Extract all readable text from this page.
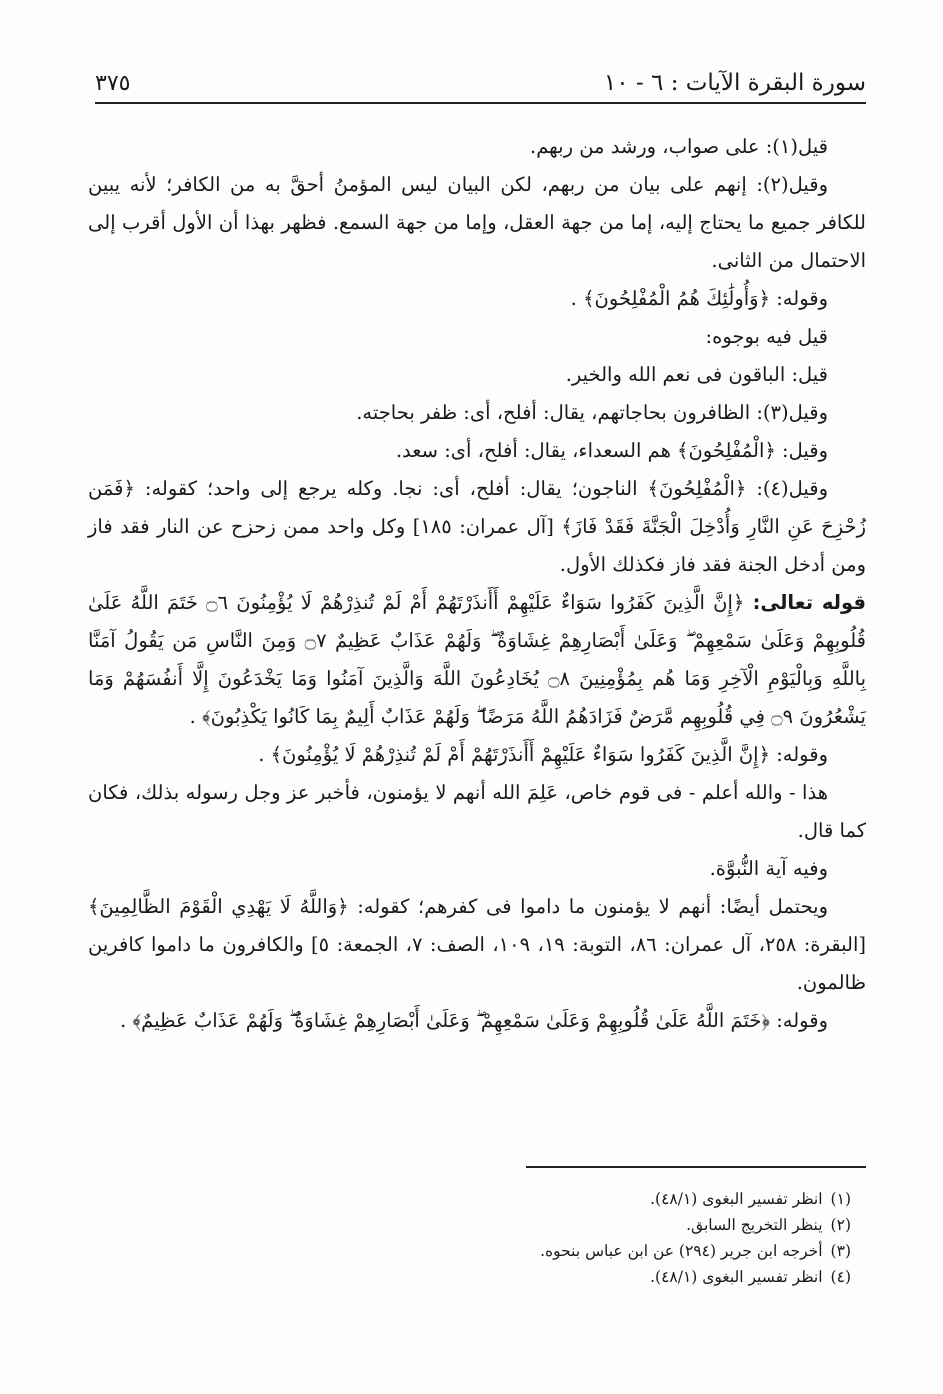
٣٧٥	سورة البقرة الآيات : ٦ - ١٠

قيل(١): على صواب، ورشد من ربهم.

وقيل(٢): إنهم على بيان من ربهم، لكن البيان ليس المؤمنُ أحقَّ به من الكافر؛ لأنه يبين للكافر جميع ما يحتاج إليه، إما من جهة العقل، وإما من جهة السمع. فظهر بهذا أن الأول أقرب إلى الاحتمال من الثانى.

وقوله: ﴿وَأُولَٰئِكَ هُمُ الْمُفْلِحُونَ﴾ .

قيل فيه بوجوه:

قيل: الباقون فى نعم الله والخير.

وقيل(٣): الظافرون بحاجاتهم، يقال: أفلح، أى: ظفر بحاجته.

وقيل: ﴿الْمُفْلِحُونَ﴾ هم السعداء، يقال: أفلح، أى: سعد.

وقيل(٤): ﴿الْمُفْلِحُونَ﴾ الناجون؛ يقال: أفلح، أى: نجا. وكله يرجع إلى واحد؛ كقوله: ﴿فَمَن زُحْزِحَ عَنِ النَّارِ وَأُدْخِلَ الْجَنَّةَ فَقَدْ فَازَ﴾ [آل عمران: ١٨٥] وكل واحد ممن زحزح عن النار فقد فاز ومن أدخل الجنة فقد فاز فكذلك الأول.

قوله تعالى: ﴿إِنَّ الَّذِينَ كَفَرُوا سَوَاءٌ عَلَيْهِمْ أَأَنذَرْتَهُمْ أَمْ لَمْ تُنذِرْهُمْ لَا يُؤْمِنُونَ ۝٦ خَتَمَ اللَّهُ عَلَىٰ قُلُوبِهِمْ وَعَلَىٰ سَمْعِهِمْ ۖ وَعَلَىٰ أَبْصَارِهِمْ غِشَاوَةٌ ۖ وَلَهُمْ عَذَابٌ عَظِيمٌ ۝٧ وَمِنَ النَّاسِ مَن يَقُولُ آمَنَّا بِاللَّهِ وَبِالْيَوْمِ الْآخِرِ وَمَا هُم بِمُؤْمِنِينَ ۝٨ يُخَادِعُونَ اللَّهَ وَالَّذِينَ آمَنُوا وَمَا يَخْدَعُونَ إِلَّا أَنفُسَهُمْ وَمَا يَشْعُرُونَ ۝٩ فِي قُلُوبِهِم مَّرَضٌ فَزَادَهُمُ اللَّهُ مَرَضًا ۖ وَلَهُمْ عَذَابٌ أَلِيمٌ بِمَا كَانُوا يَكْذِبُونَ﴾ .

وقوله: ﴿إِنَّ الَّذِينَ كَفَرُوا سَوَاءٌ عَلَيْهِمْ أَأَنذَرْتَهُمْ أَمْ لَمْ تُنذِرْهُمْ لَا يُؤْمِنُونَ﴾ .

هذا - والله أعلم - فى قوم خاص، عَلِمَ الله أنهم لا يؤمنون، فأخبر عز وجل رسوله بذلك، فكان كما قال.

وفيه آية النُّبوَّة.

ويحتمل أيضًا: أنهم لا يؤمنون ما داموا فى كفرهم؛ كقوله: ﴿وَاللَّهُ لَا يَهْدِي الْقَوْمَ الظَّالِمِينَ﴾ [البقرة: ٢٥٨، آل عمران: ٨٦، التوبة: ١٩، ١٠٩، الصف: ٧، الجمعة: ٥] والكافرون ما داموا كافرين ظالمون.

وقوله: ﴿خَتَمَ اللَّهُ عَلَىٰ قُلُوبِهِمْ وَعَلَىٰ سَمْعِهِمْ ۖ وَعَلَىٰ أَبْصَارِهِمْ غِشَاوَةٌ ۖ وَلَهُمْ عَذَابٌ عَظِيمٌ﴾ .

(١)
انظر تفسير البغوى (٤٨/١).
(٢)
ينظر التخريج السابق.
(٣)
أخرجه ابن جرير (٢٩٤) عن ابن عباس بنحوه.
(٤)
انظر تفسير البغوى (٤٨/١).
